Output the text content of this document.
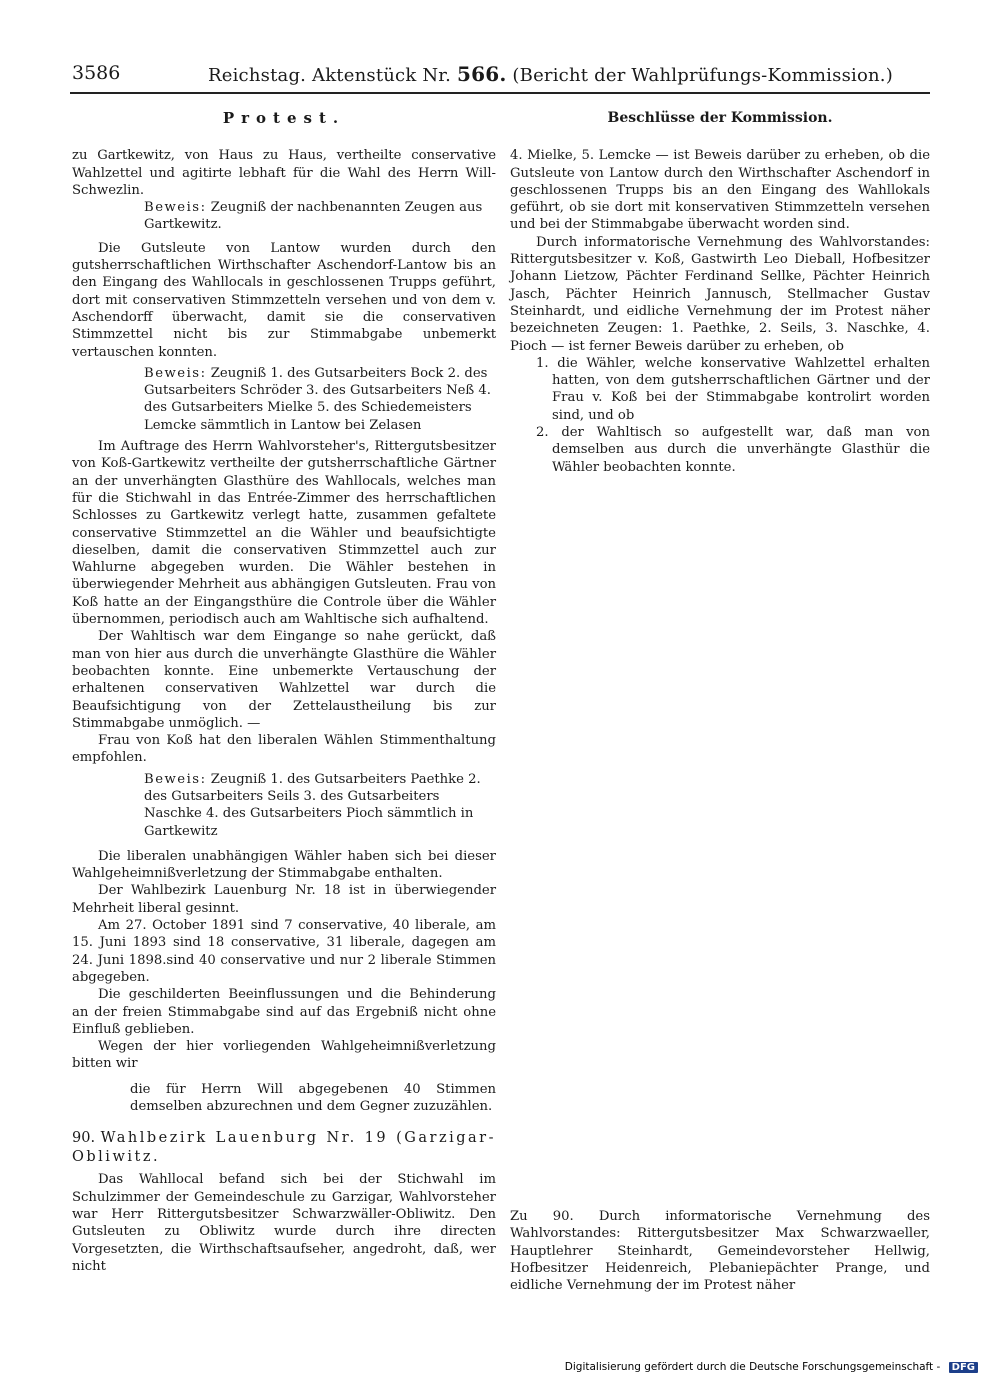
3586	Reichstag. Aktenstück Nr. 566. (Bericht der Wahlprüfungs-Kommission.)
Protest.

zu Gartkewitz, von Haus zu Haus, vertheilte conservative Wahlzettel und agitirte lebhaft für die Wahl des Herrn Will-Schwezlin.

Beweis: Zeugniß der nachbenannten Zeugen aus Gartkewitz.

Die Gutsleute von Lantow wurden durch den gutsherrschaftlichen Wirthschafter Aschendorf-Lantow bis an den Eingang des Wahllocals in geschlossenen Trupps geführt, dort mit conservativen Stimmzetteln versehen und von dem v. Aschendorff überwacht, damit sie die conservativen Stimmzettel nicht bis zur Stimmabgabe unbemerkt vertauschen konnten.

Beweis: Zeugniß 1. des Gutsarbeiters Bock 2. des Gutsarbeiters Schröder 3. des Gutsarbeiters Neß 4. des Gutsarbeiters Mielke 5. des Schiedemeisters Lemcke sämmtlich in Lantow bei Zelasen

Im Auftrage des Herrn Wahlvorsteher's, Rittergutsbesitzer von Koß-Gartkewitz vertheilte der gutsherrschaftliche Gärtner an der unverhängten Glasthüre des Wahllocals, welches man für die Stichwahl in das Entrée-Zimmer des herrschaftlichen Schlosses zu Gartkewitz verlegt hatte, zusammen gefaltete conservative Stimmzettel an die Wähler und beaufsichtigte dieselben, damit die conservativen Stimmzettel auch zur Wahlurne abgegeben wurden. Die Wähler bestehen in überwiegender Mehrheit aus abhängigen Gutsleuten. Frau von Koß hatte an der Eingangsthüre die Controle über die Wähler übernommen, periodisch auch am Wahltische sich aufhaltend.

Der Wahltisch war dem Eingange so nahe gerückt, daß man von hier aus durch die unverhängte Glasthüre die Wähler beobachten konnte. Eine unbemerkte Vertauschung der erhaltenen conservativen Wahlzettel war durch die Beaufsichtigung von der Zettelaustheilung bis zur Stimmabgabe unmöglich. —

Frau von Koß hat den liberalen Wählen Stimmenthaltung empfohlen.

Beweis: Zeugniß 1. des Gutsarbeiters Paethke 2. des Gutsarbeiters Seils 3. des Gutsarbeiters Naschke 4. des Gutsarbeiters Pioch sämmtlich in Gartkewitz

Die liberalen unabhängigen Wähler haben sich bei dieser Wahlgeheimnißverletzung der Stimmabgabe enthalten.

Der Wahlbezirk Lauenburg Nr. 18 ist in überwiegender Mehrheit liberal gesinnt.

Am 27. October 1891 sind 7 conservative, 40 liberale, am 15. Juni 1893 sind 18 conservative, 31 liberale, dagegen am 24. Juni 1898.sind 40 conservative und nur 2 liberale Stimmen abgegeben.

Die geschilderten Beeinflussungen und die Behinderung an der freien Stimmabgabe sind auf das Ergebniß nicht ohne Einfluß geblieben.

Wegen der hier vorliegenden Wahlgeheimnißverletzung bitten wir

die für Herrn Will abgegebenen 40 Stimmen demselben abzurechnen und dem Gegner zuzuzählen.

90. Wahlbezirk Lauenburg Nr. 19 (Garzigar-Obliwitz.

Das Wahllocal befand sich bei der Stichwahl im Schulzimmer der Gemeindeschule zu Garzigar, Wahlvorsteher war Herr Rittergutsbesitzer Schwarzwäller-Obliwitz. Den Gutsleuten zu Obliwitz wurde durch ihre directen Vorgesetzten, die Wirthschaftsaufseher, angedroht, daß, wer nicht

Beschlüsse der Kommission.

4. Mielke, 5. Lemcke — ist Beweis darüber zu erheben, ob die Gutsleute von Lantow durch den Wirthschafter Aschendorf in geschlossenen Trupps bis an den Eingang des Wahllokals geführt, ob sie dort mit konservativen Stimmzetteln versehen und bei der Stimmabgabe überwacht worden sind.

Durch informatorische Vernehmung des Wahlvorstandes: Rittergutsbesitzer v. Koß, Gastwirth Leo Dieball, Hofbesitzer Johann Lietzow, Pächter Ferdinand Sellke, Pächter Heinrich Jasch, Pächter Heinrich Jannusch, Stellmacher Gustav Steinhardt, und eidliche Vernehmung der im Protest näher bezeichneten Zeugen: 1. Paethke, 2. Seils, 3. Naschke, 4. Pioch — ist ferner Beweis darüber zu erheben, ob

1. die Wähler, welche konservative Wahlzettel erhalten hatten, von dem gutsherrschaftlichen Gärtner und der Frau v. Koß bei der Stimmabgabe kontrolirt worden sind, und ob

2. der Wahltisch so aufgestellt war, daß man von demselben aus durch die unverhängte Glasthür die Wähler beobachten konnte.

Zu 90. Durch informatorische Vernehmung des Wahlvorstandes: Rittergutsbesitzer Max Schwarzwaeller, Hauptlehrer Steinhardt, Gemeindevorsteher Hellwig, Hofbesitzer Heidenreich, Plebaniepächter Prange, und eidliche Vernehmung der im Protest näher

Digitalisierung gefördert durch die Deutsche Forschungsgemeinschaft - DFG
